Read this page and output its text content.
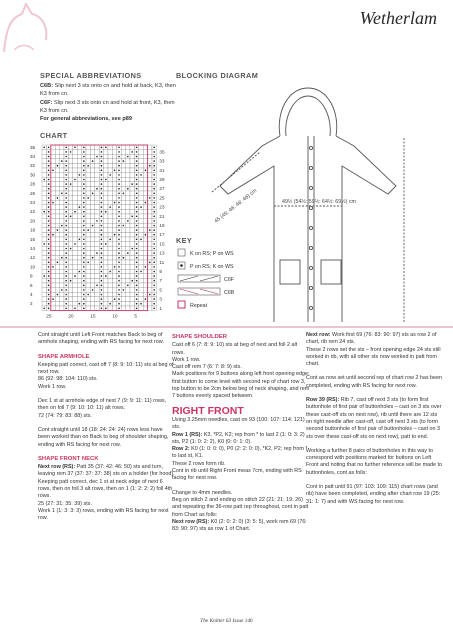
Wetherlam
SPECIAL ABBREVIATIONS
C6B: Slip next 3 sts onto cn and hold at back, K3, then K3 from cn.
C6F: Slip next 3 sts onto cn and hold at front, K3, then K3 from cn.
For general abbreviations, see p89
BLOCKING DIAGRAM
45 (45: 46: 46: 46) cm	49½ (54½: 59½: 64½: 69½) cm
CHART
36
34
32
30
28
26
24
22
20
18
16
14
12
10
8
6
4
2
35
33
31
29
27
25
23
21
19
17
15
13
11
9
7
5
3
1
25	20	15	10	5
KEY
K on RS; P on WS
P on RS; K on WS
C6F
C6B
Repeat

Cont straight until Left Front matches Back to beg of armhole shaping, ending with RS facing for next row.

SHAPE ARMHOLE

Keeping patt correct, cast off 7 (8: 9: 10: 11) sts at beg of next row.
86 (92: 98: 104: 110) sts.
Work 1 row.

Dec 1 st at armhole edge of next 7 (9: 9: 11: 11) rows, then on foll 7 (9: 10: 10: 11) alt rows.
72 (74: 79: 83: 88) sts.

Cont straight until 18 (18: 24: 24: 24) rows less have been worked than on Back to beg of shoulder shaping, ending with RS facing for next row.

SHAPE FRONT NECK

Next row (RS): Patt 35 (37: 42: 46: 50) sts and turn, leaving rem 37 (37: 37: 37: 38) sts on a holder (for hood).

Keeping patt correct, dec 1 st at neck edge of next 6 rows, then on foll 3 alt rows, then on 1 (1: 2: 2: 2) foll 4th rows.
25 (27: 31: 35: 39) sts.
Work 1 (1: 3: 3: 3) rows, ending with RS facing for next row.

SHAPE SHOULDER

Cast off 6 (7: 8: 9: 10) sts at beg of next and foll 2 alt rows.
Work 1 row.
Cast off rem 7 (6: 7: 8: 9) sts.
Mark positions for 9 buttons along left front opening edge: first button to come level with second rep of chart row 3, top button to be 2cm below beg of neck shaping, and rem 7 buttons evenly spaced between.

RIGHT FRONT

Using 3.25mm needles, cast on 93 (100: 107: 114: 121) sts.

Row 1 (RS): K3, *P2, K2; rep from * to last 2 (1: 0: 3: 2) sts, P2 (1: 0: 2: 2), K0 (0: 0: 1: 0).

Row 2: K0 (1: 0: 0: 0), P0 (2: 2: 0: 0), *K2, P2; rep from * to last st, K1.

These 2 rows form rib.
Cont in rib until Right Front meas 7cm, ending with RS facing for next row.

Change to 4mm needles.
Beg on stitch 2 and ending on stitch 22 (21: 21: 19: 26) and repeating the 36-row patt rep throughout, cont in patt from Chart as folls:

Next row (RS): K0 (2: 0: 2: 0) (3: 5: 5), work rem 69 (76: 83: 90: 97) sts as row 1 of Chart.

Next row: Work first 69 (76: 83: 90: 97) sts as row 2 of chart, rib rem 24 sts.
These 2 rows set the sts – front opening edge 24 sts still worked in rib, with all other sts now worked in patt from chart.

Cont as now set until second rep of chart row 2 has been completed, ending with RS facing for next row.

Row 39 (RS): Rib 7, cast off next 3 sts (to form first buttonhole of first pair of buttonholes – cast on 3 sts over these cast-off sts on next row), rib until there are 12 sts on right needle after cast-off, cast off next 3 sts (to form second buttonhole of first pair of buttonholes – cast on 3 sts over these cast-off sts on next row), patt to end.

Working a further 8 pairs of buttonholes in this way to correspond with positions marked for buttons on Left Front and noting that no further reference will be made to buttonholes, cont as folls:

Cont in patt until 91 (97: 103: 109: 115) chart rows (and rib) have been completed, ending after chart row 19 (25: 31: 1: 7) and with WS facing for next row.

The Knitter 63 Issue 146
